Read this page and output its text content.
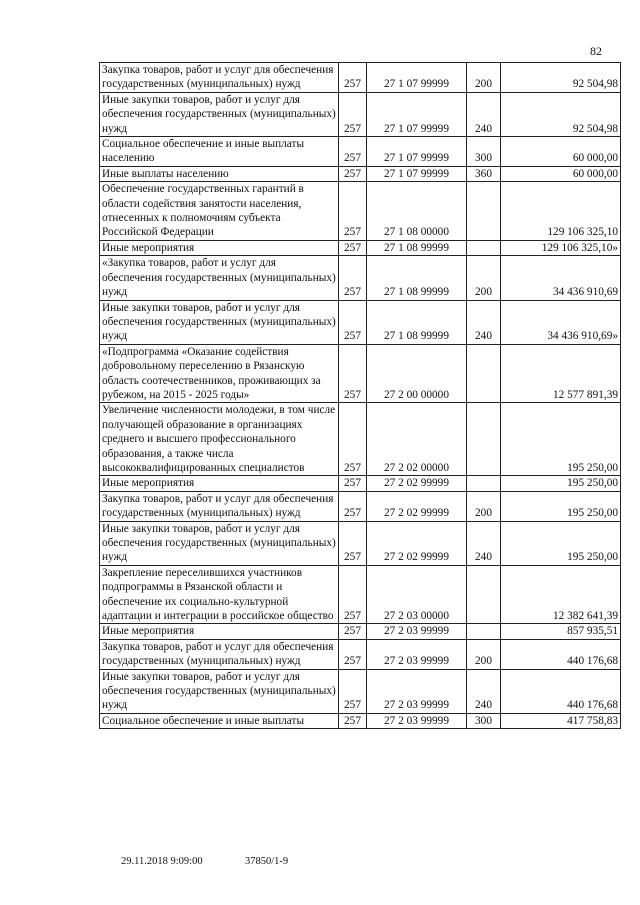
82
Закупка товаров, работ и услуг для обеспечения государственных (муниципальных) нужд	257	27 1 07 99999	200	92 504,98
Иные закупки товаров, работ и услуг для обеспечения государственных (муниципальных) нужд	257	27 1 07 99999	240	92 504,98
Социальное обеспечение и иные выплаты населению	257	27 1 07 99999	300	60 000,00
Иные выплаты населению	257	27 1 07 99999	360	60 000,00
Обеспечение государственных гарантий в области содействия занятости населения, отнесенных к полномочиям субъекта Российской Федерации	257	27 1 08 00000		129 106 325,10
Иные мероприятия	257	27 1 08 99999		129 106 325,10»
«Закупка товаров, работ и услуг для обеспечения государственных (муниципальных) нужд	257	27 1 08 99999	200	34 436 910,69
Иные закупки товаров, работ и услуг для обеспечения государственных (муниципальных) нужд	257	27 1 08 99999	240	34 436 910,69»
«Подпрограмма «Оказание содействия добровольному переселению в Рязанскую область соотечественников, проживающих за рубежом, на 2015 - 2025 годы»	257	27 2 00 00000		12 577 891,39
Увеличение численности молодежи, в том числе получающей образование в организациях среднего и высшего профессионального образования, а также числа высококвалифицированных специалистов	257	27 2 02 00000		195 250,00
Иные мероприятия	257	27 2 02 99999		195 250,00
Закупка товаров, работ и услуг для обеспечения государственных (муниципальных) нужд	257	27 2 02 99999	200	195 250,00
Иные закупки товаров, работ и услуг для обеспечения государственных (муниципальных) нужд	257	27 2 02 99999	240	195 250,00
Закрепление переселившихся участников подпрограммы в Рязанской области и обеспечение их социально-культурной адаптации и интеграции в российское общество	257	27 2 03 00000		12 382 641,39
Иные мероприятия	257	27 2 03 99999		857 935,51
Закупка товаров, работ и услуг для обеспечения государственных (муниципальных) нужд	257	27 2 03 99999	200	440 176,68
Иные закупки товаров, работ и услуг для обеспечения государственных (муниципальных) нужд	257	27 2 03 99999	240	440 176,68
Социальное обеспечение и иные выплаты	257	27 2 03 99999	300	417 758,83
29.11.2018 9:09:00	37850/1-9
